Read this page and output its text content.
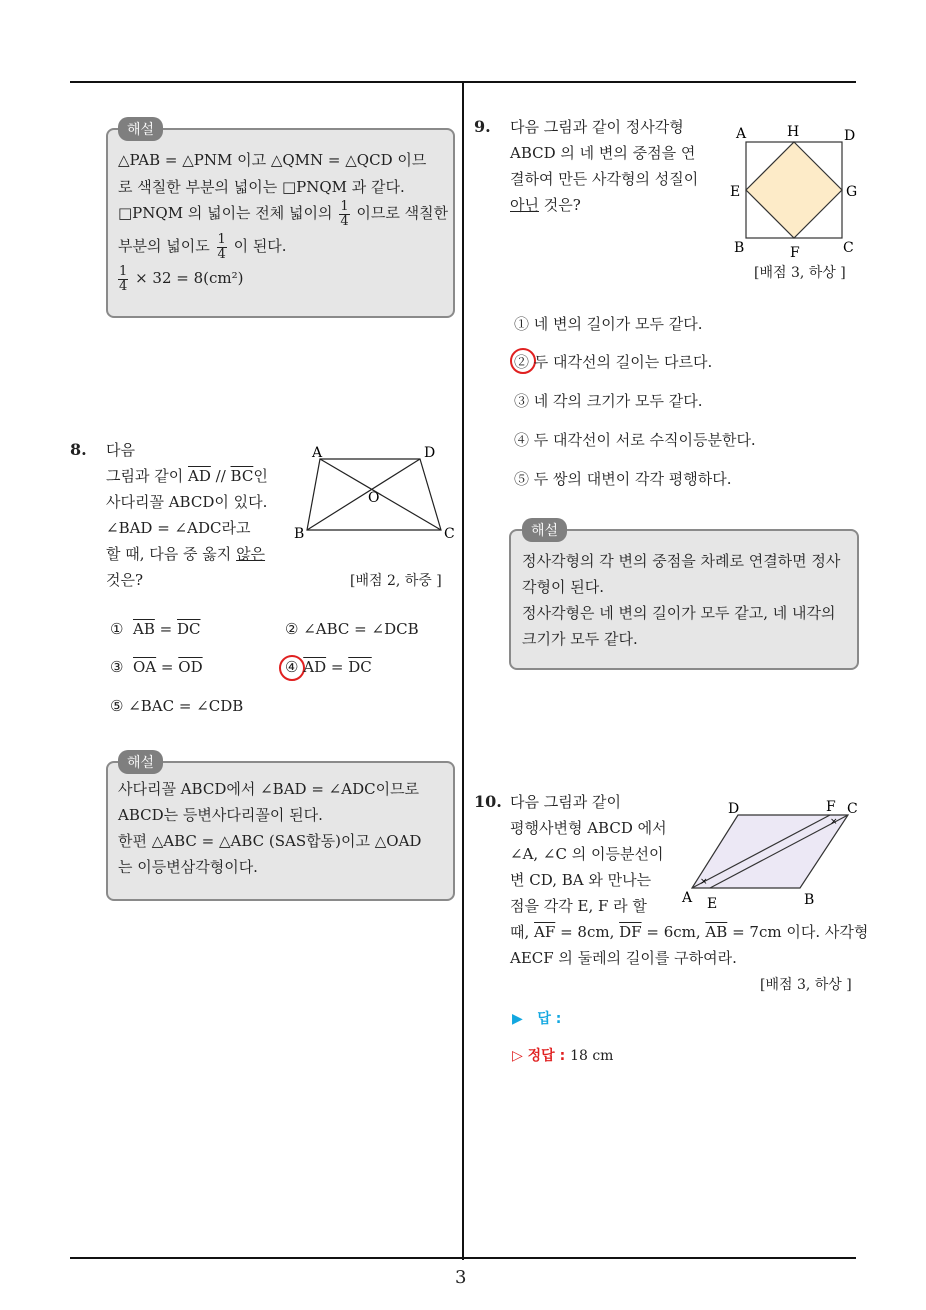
3
해설
△PAB = △PNM 이고 △QMN = △QCD 이므
로 색칠한 부분의 넓이는 □PNQM 과 같다.
□PNQM 의 넓이는 전체 넓이의 $\frac{1}{4}$ 이므로 색칠한
부분의 넓이도 $\frac{1}{4}$ 이 된다.
$\frac{1}{4} \times 32 = 8(cm^2)$
8. 다음
그림과 같이 $\overline{AD} // \overline{BC}$인
사다리꼴 ABCD이 있다.
∠BAD = ∠ADC라고
할 때, 다음 중 옳지 않은
것은?	[배점 2, 하중 ]
A	D
O
B	C
① $\overline{AB} = \overline{DC}$	② ∠ABC = ∠DCB
③ $\overline{OA} = \overline{OD}$	④ $\overline{AD} = \overline{DC}$
⑤ ∠BAC = ∠CDB
해설
사다리꼴 ABCD에서 ∠BAD = ∠ADC이므로
ABCD는 등변사다리꼴이 된다.
한편 △ABC = △ABC (SAS합동)이고 △OAD
는 이등변삼각형이다.
9. 다음 그림과 같이 정사각형
ABCD 의 네 변의 중점을 연
결하여 만든 사각형의 성질이
아닌 것은?
A	H	D
E	G
B	F	C
[배점 3, 하상 ]
① 네 변의 길이가 모두 같다.
② 두 대각선의 길이는 다르다.
③ 네 각의 크기가 모두 같다.
④ 두 대각선이 서로 수직이등분한다.
⑤ 두 쌍의 대변이 각각 평행하다.
해설
정사각형의 각 변의 중점을 차례로 연결하면 정사
각형이 된다.
정사각형은 네 변의 길이가 모두 같고, 네 내각의
크기가 모두 같다.
10. 다음 그림과 같이
평행사변형 ABCD 에서
∠A, ∠C 의 이등분선이
변 CD, BA 와 만나는
점을 각각 E, F 라 할
때, $\overline{AF} = 8cm$, $\overline{DF} = 6cm$, $\overline{AB} = 7cm$ 이다. 사각형
AECF 의 둘레의 길이를 구하여라.
[배점 3, 하상 ]
×
×
D	F C
A E	B
▶ 답 :
▷ 정답 : 18 cm
